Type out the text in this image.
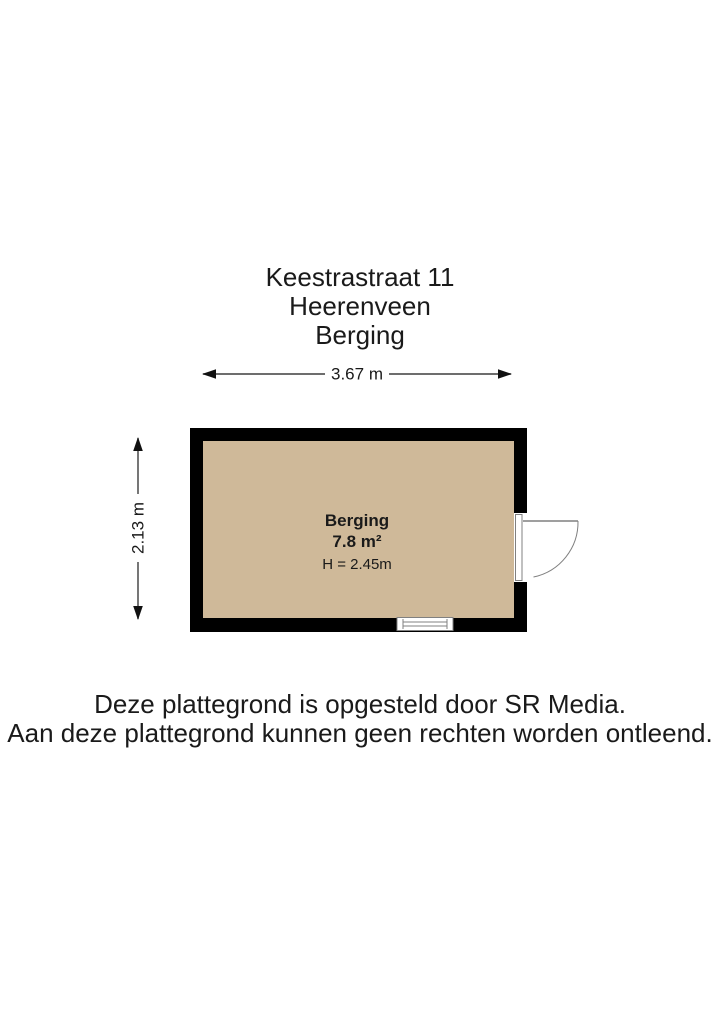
Keestrastraat 11
Heerenveen
Berging
3.67 m
2.13 m	Berging
7.8 m²
H = 2.45m
Deze plattegrond is opgesteld door SR Media.
Aan deze plattegrond kunnen geen rechten worden ontleend.
